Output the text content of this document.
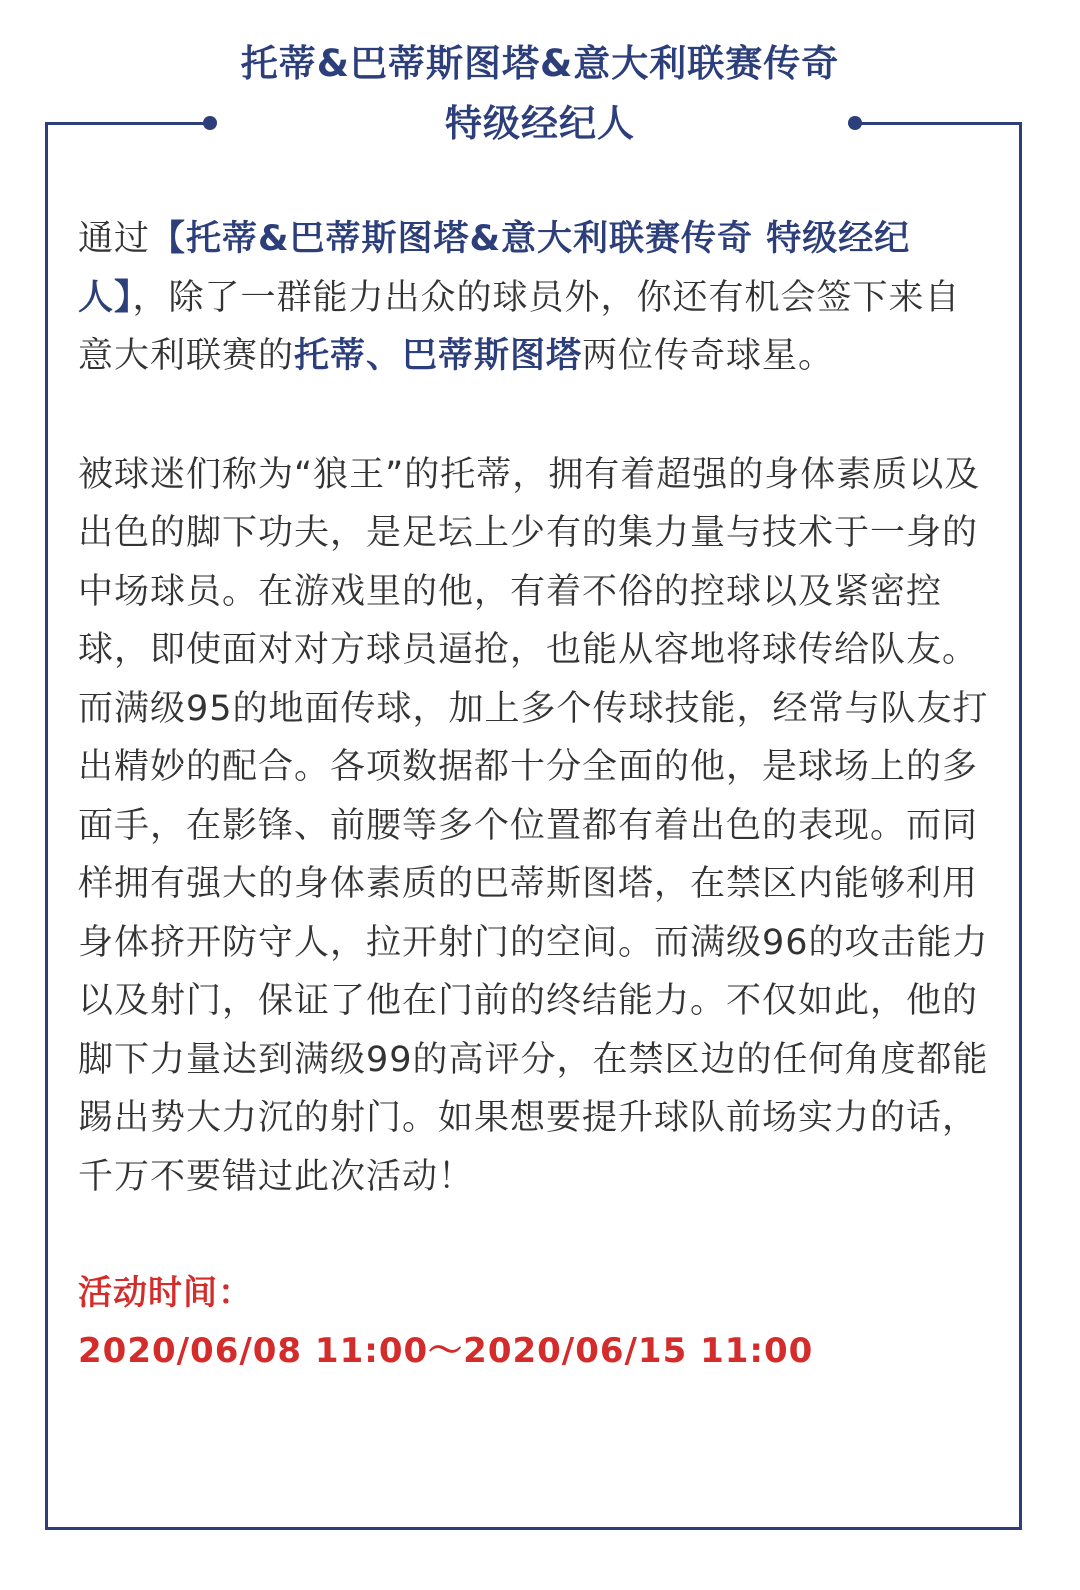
托蒂&巴蒂斯图塔&意大利联赛传奇
特级经纪人

通过【托蒂&巴蒂斯图塔&意大利联赛传奇 特级经纪人】，除了一群能力出众的球员外，你还有机会签下来自意大利联赛的托蒂、巴蒂斯图塔两位传奇球星。

被球迷们称为“狼王”的托蒂，拥有着超强的身体素质以及出色的脚下功夫，是足坛上少有的集力量与技术于一身的中场球员。在游戏里的他，有着不俗的控球以及紧密控球，即使面对对方球员逼抢，也能从容地将球传给队友。而满级95的地面传球，加上多个传球技能，经常与队友打出精妙的配合。各项数据都十分全面的他，是球场上的多面手，在影锋、前腰等多个位置都有着出色的表现。而同样拥有强大的身体素质的巴蒂斯图塔，在禁区内能够利用身体挤开防守人，拉开射门的空间。而满级96的攻击能力以及射门，保证了他在门前的终结能力。不仅如此，他的脚下力量达到满级99的高评分，在禁区边的任何角度都能踢出势大力沉的射门。如果想要提升球队前场实力的话，千万不要错过此次活动！

活动时间：
2020/06/08 11:00～2020/06/15 11:00
